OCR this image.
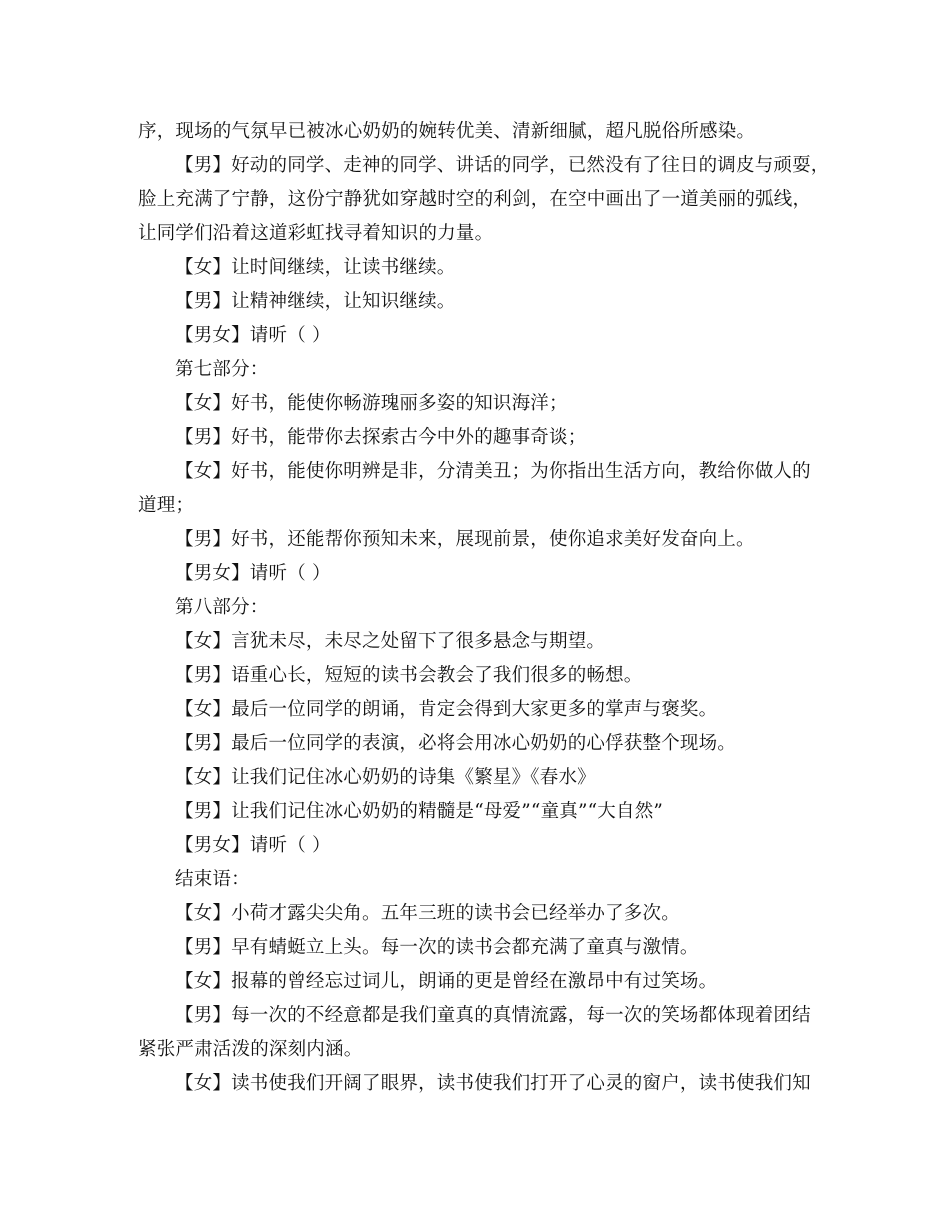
序，现场的气氛早已被冰心奶奶的婉转优美、清新细腻，超凡脱俗所感染。
【男】好动的同学、走神的同学、讲话的同学，已然没有了往日的调皮与顽耍，
脸上充满了宁静，这份宁静犹如穿越时空的利剑，在空中画出了一道美丽的弧线，
让同学们沿着这道彩虹找寻着知识的力量。
【女】让时间继续，让读书继续。
【男】让精神继续，让知识继续。
【男女】请听（ ）
第七部分：
【女】好书，能使你畅游瑰丽多姿的知识海洋；
【男】好书，能带你去探索古今中外的趣事奇谈；
【女】好书，能使你明辨是非，分清美丑；为你指出生活方向，教给你做人的
道理；
【男】好书，还能帮你预知未来，展现前景，使你追求美好发奋向上。
【男女】请听（ ）
第八部分：
【女】言犹未尽，未尽之处留下了很多悬念与期望。
【男】语重心长，短短的读书会教会了我们很多的畅想。
【女】最后一位同学的朗诵，肯定会得到大家更多的掌声与褒奖。
【男】最后一位同学的表演，必将会用冰心奶奶的心俘获整个现场。
【女】让我们记住冰心奶奶的诗集《繁星》《春水》
【男】让我们记住冰心奶奶的精髓是“母爱”“童真”“大自然”
【男女】请听（ ）
结束语：
【女】小荷才露尖尖角。五年三班的读书会已经举办了多次。
【男】早有蜻蜓立上头。每一次的读书会都充满了童真与激情。
【女】报幕的曾经忘过词儿，朗诵的更是曾经在激昂中有过笑场。
【男】每一次的不经意都是我们童真的真情流露，每一次的笑场都体现着团结
紧张严肃活泼的深刻内涵。
【女】读书使我们开阔了眼界，读书使我们打开了心灵的窗户，读书使我们知
